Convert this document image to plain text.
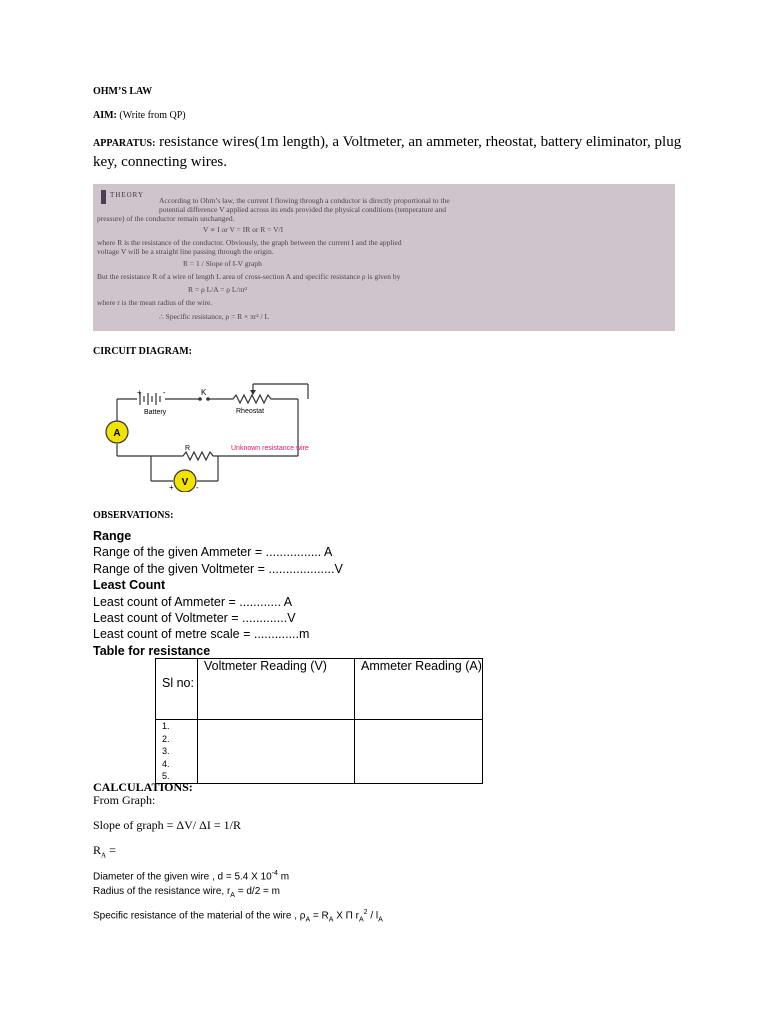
OHM’S LAW
AIM: (Write from QP)
APPARATUS: resistance wires(1m length), a Voltmeter, an ammeter, rheostat, battery eliminator, plug key, connecting wires.
THEORY
According to Ohm’s law, the current I flowing through a conductor is directly proportional to the
potential difference V applied across its ends provided the physical conditions (temperature and
pressure) of the conductor remain unchanged.
V ∝ I or V = IR or R = V/I
where R is the resistance of the conductor. Obviously, the graph between the current I and the applied
voltage V will be a straight line passing through the origin.
R = 1 / Slope of I-V graph
But the resistance R of a wire of length L area of cross-section A and specific resistance ρ is given by
R = ρ L/A = ρ L/πr²
where r is the mean radius of the wire.
∴ Specific resistance, ρ = R × πr² / L
CIRCUIT DIAGRAM:
+	-
Battery
K
Rheostat
A
R	Unknown resistance wire
V
+	-
OBSERVATIONS:
Range
Range of the given Ammeter = ................ A
Range of the given Voltmeter = ...................V
Least Count
Least count of Ammeter = ............ A
Least count of Voltmeter = .............V
Least count of metre scale = .............m
Table for resistance
Sl no:	Voltmeter Reading (V)	Ammeter Reading (A)

1.
2.
3.
4.
5.		

CALCULATIONS:
From Graph:
Slope of graph = ΔV/ ΔI = 1/R
$R_A$ =
Diameter of the given wire , d = 5.4 X $10^{-4}$ m
Radius of the resistance wire, $r_A = d/2 = m$
Specific resistance of the material of the wire , $\rho_A = R_A$ X Π $r_A^2 / l_A$
